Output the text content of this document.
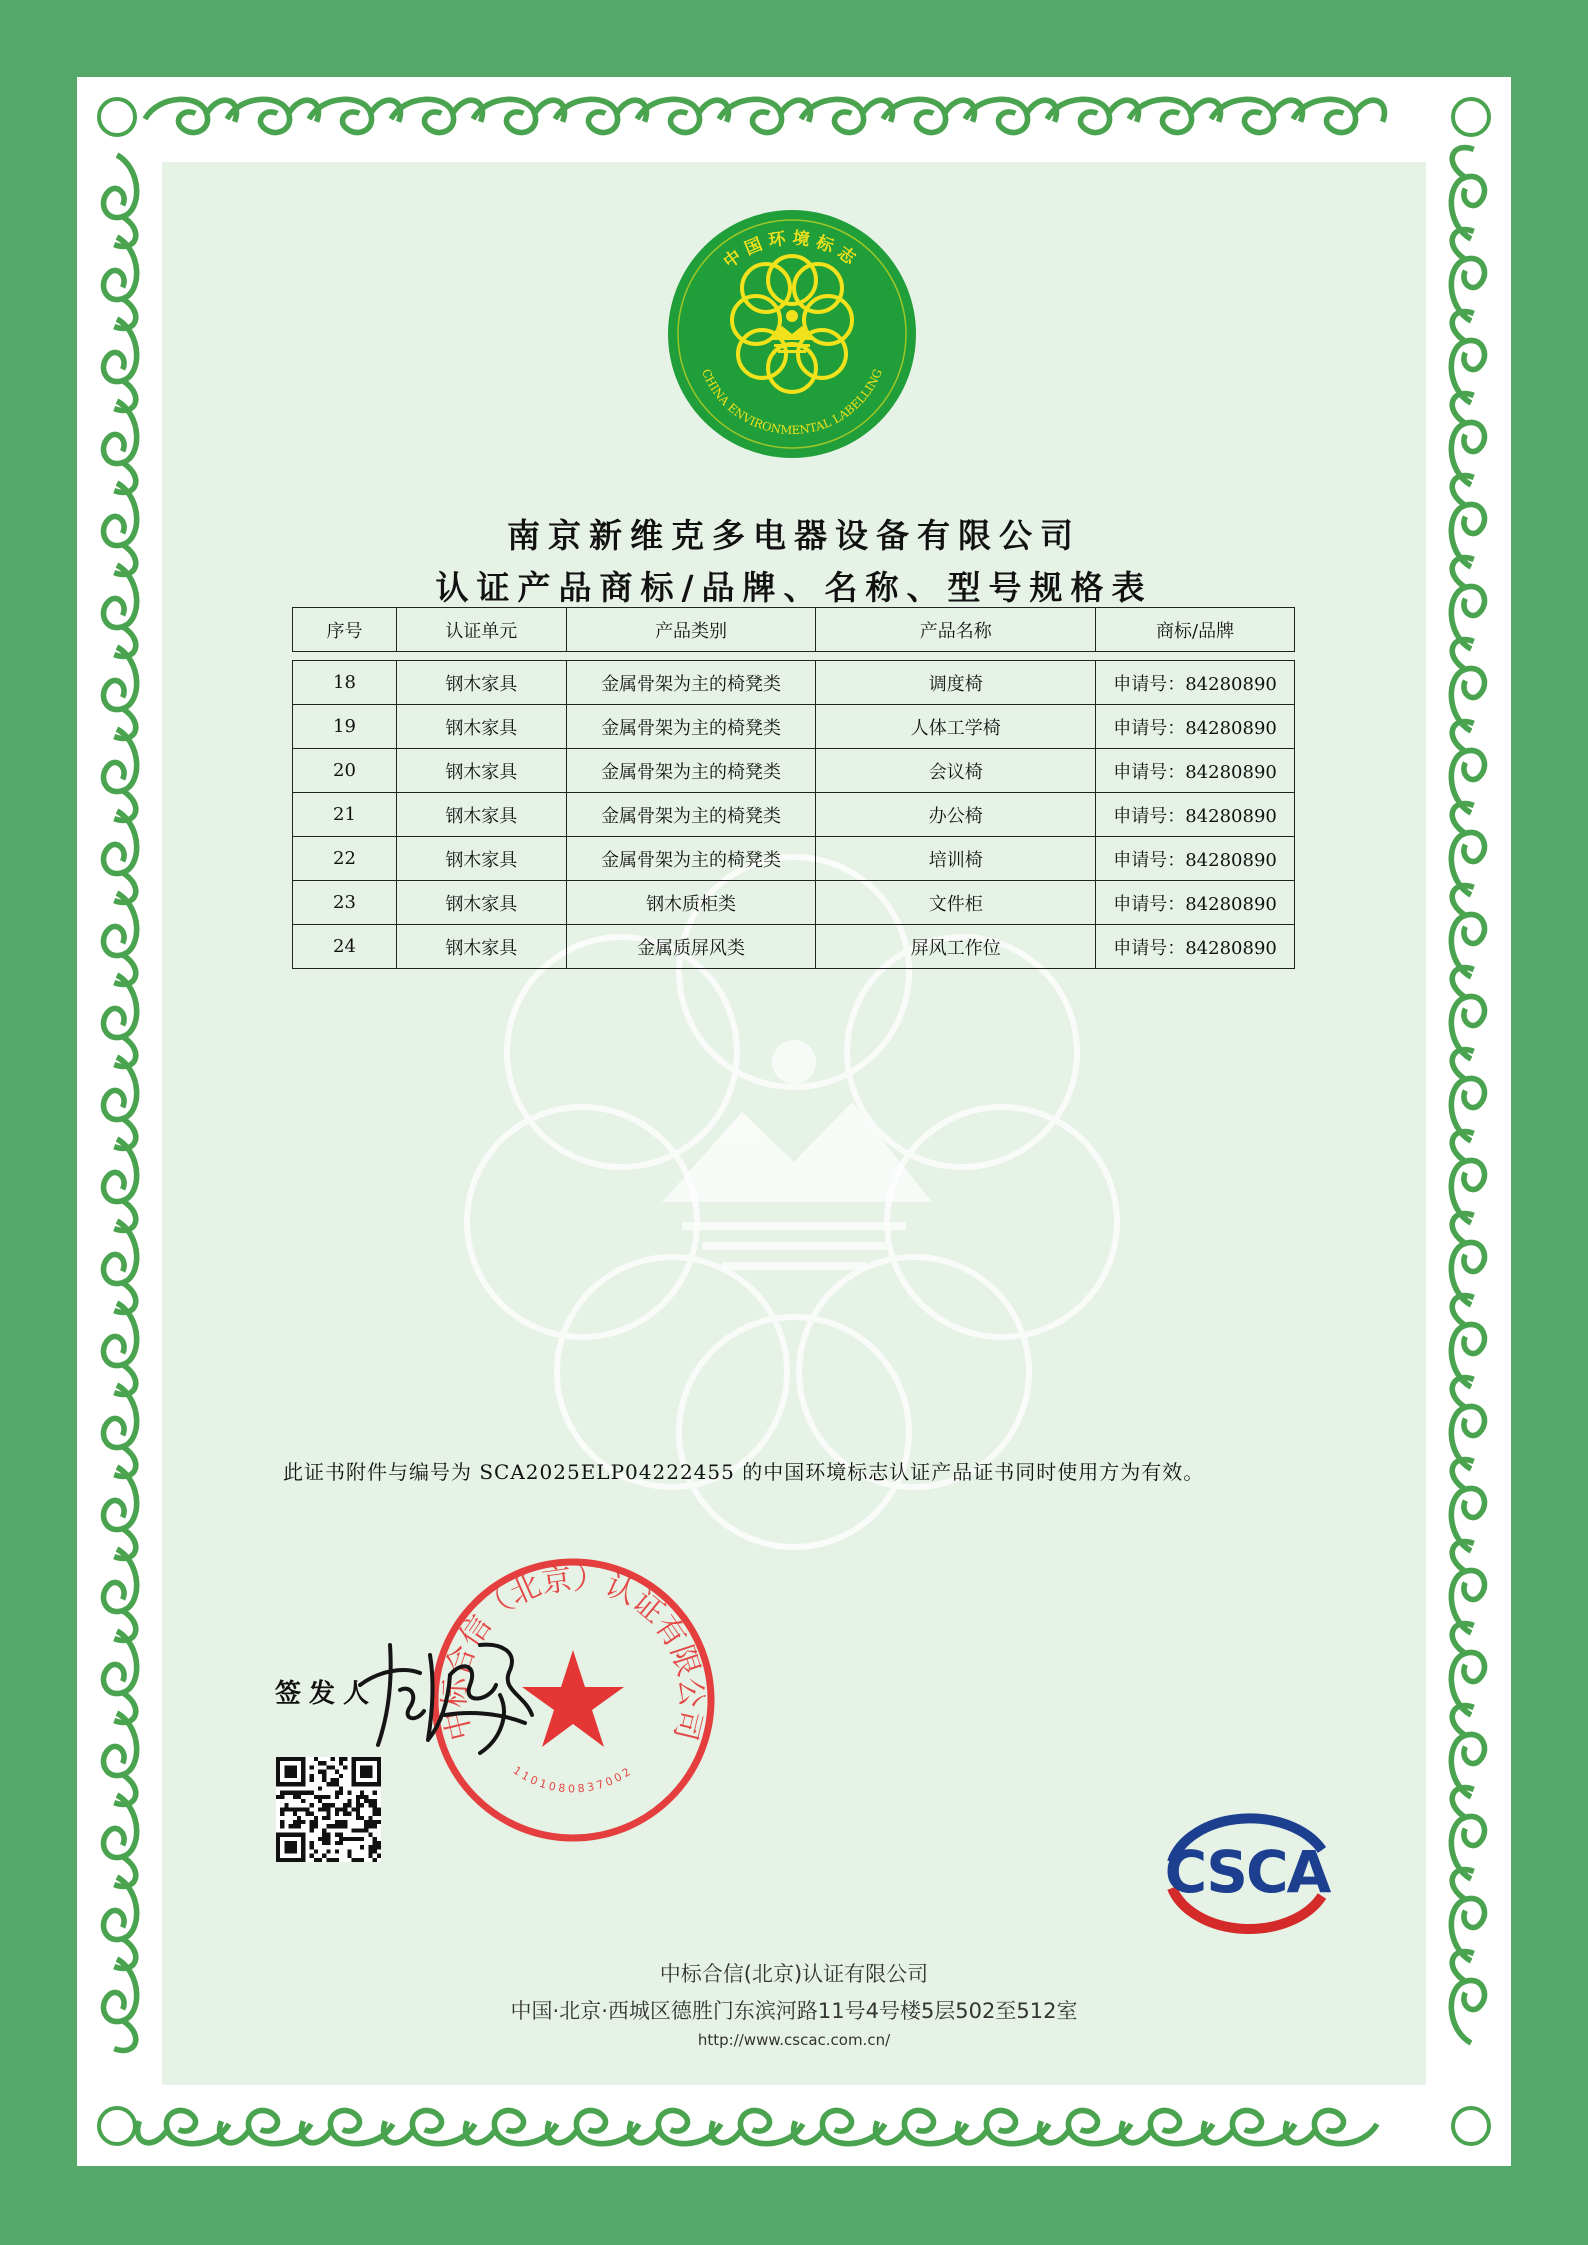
中国环境标志
CHINA ENVIRONMENTAL LABELLING
南京新维克多电器设备有限公司
认证产品商标/品牌、名称、型号规格表
序号	认证单元	产品类别	产品名称	商标/品牌

18	钢木家具	金属骨架为主的椅凳类	调度椅	申请号：84280890
19	钢木家具	金属骨架为主的椅凳类	人体工学椅	申请号：84280890
20	钢木家具	金属骨架为主的椅凳类	会议椅	申请号：84280890
21	钢木家具	金属骨架为主的椅凳类	办公椅	申请号：84280890
22	钢木家具	金属骨架为主的椅凳类	培训椅	申请号：84280890
23	钢木家具	钢木质柜类	文件柜	申请号：84280890
24	钢木家具	金属质屏风类	屏风工作位	申请号：84280890
此证书附件与编号为 SCA2025ELP04222455 的中国环境标志认证产品证书同时使用方为有效。
签发人
中标合信（北京）认证有限公司
1101080837002
CSCA
中标合信(北京)认证有限公司
中国·北京·西城区德胜门东滨河路11号4号楼5层502至512室
http://www.cscac.com.cn/
